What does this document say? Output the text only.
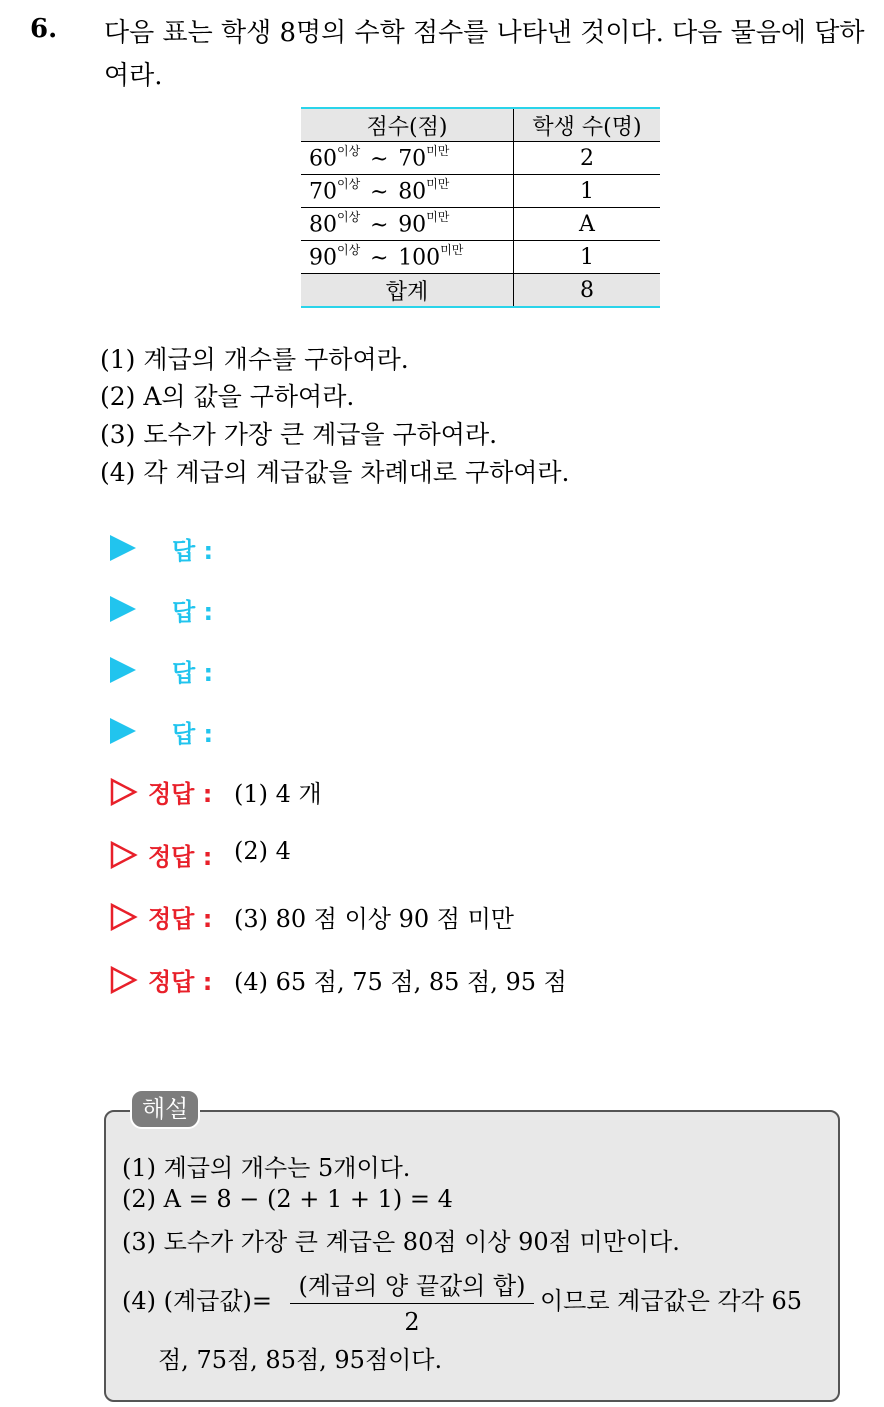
6. 다음 표는 학생 8명의 수학 점수를 나타낸 것이다. 다음 물음에 답하여라.
점수(점)	학생 수(명)
$60^{이상}$ ~ $70^{미만}$	2
$70^{이상}$ ~ $80^{미만}$	1
$80^{이상}$ ~ $90^{미만}$	A
$90^{이상}$ ~ $100^{미만}$	1
합계	8
(1) 계급의 개수를 구하여라.
(2) A의 값을 구하여라.
(3) 도수가 가장 큰 계급을 구하여라.
(4) 각 계급의 계급값을 차례대로 구하여라.
답 :
답 :
답 :
답 :
정답 : (1) 4 개
정답 : (2) 4
정답 : (3) 80 점 이상 90 점 미만
정답 : (4) 65 점, 75 점, 85 점, 95 점
해설
(1) 계급의 개수는 5개이다.
(2) A = 8 − (2 + 1 + 1) = 4
(3) 도수가 가장 큰 계급은 80점 이상 90점 미만이다.
(4) (계급값)=
(계급의 양 끝값의 합)
2
이므로 계급값은 각각 65
점, 75점, 85점, 95점이다.
